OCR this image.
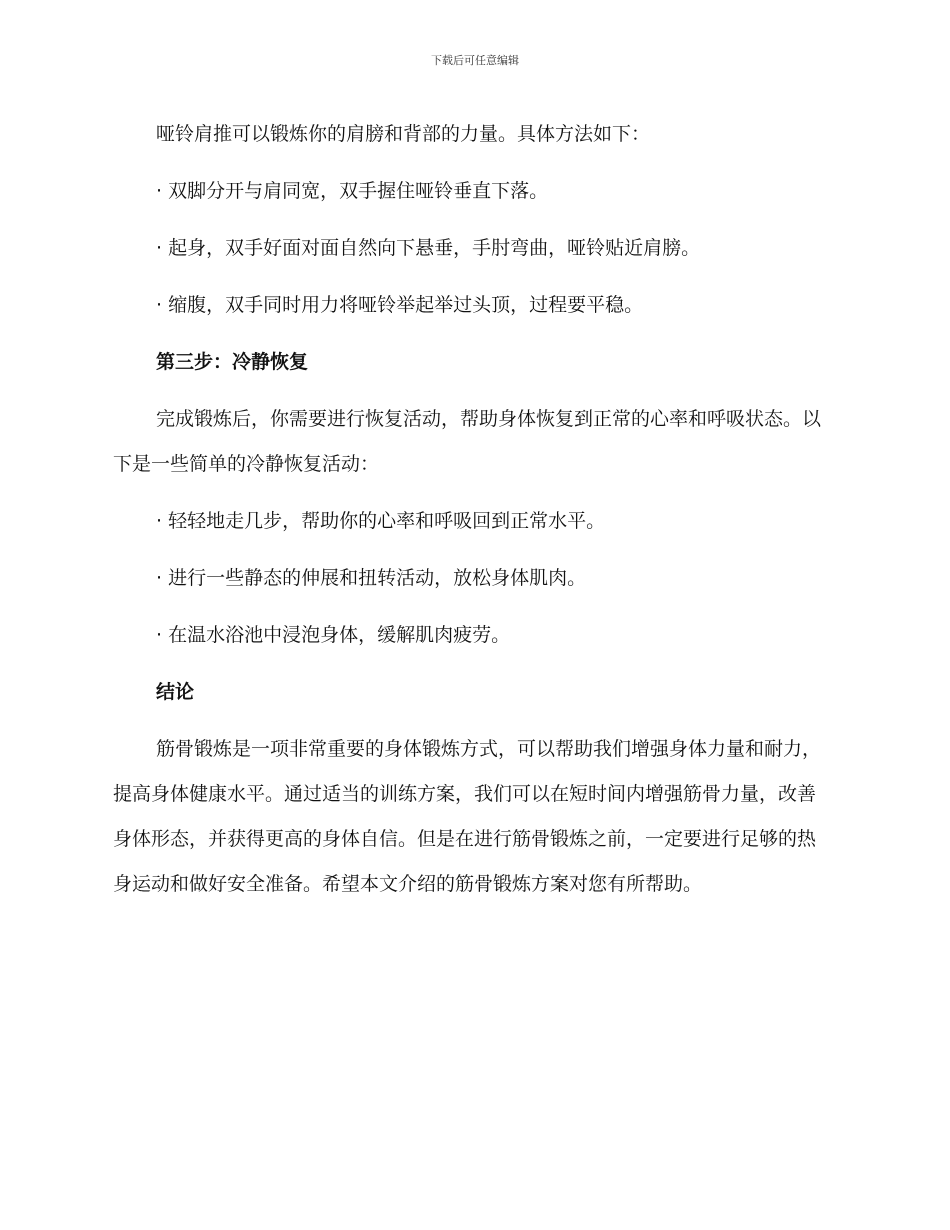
下载后可任意编辑

哑铃肩推可以锻炼你的肩膀和背部的力量。具体方法如下：

· 双脚分开与肩同宽，双手握住哑铃垂直下落。

· 起身，双手好面对面自然向下悬垂，手肘弯曲，哑铃贴近肩膀。

· 缩腹，双手同时用力将哑铃举起举过头顶，过程要平稳。

第三步：冷静恢复

完成锻炼后，你需要进行恢复活动，帮助身体恢复到正常的心率和呼吸状态。以下是一些简单的冷静恢复活动：

· 轻轻地走几步，帮助你的心率和呼吸回到正常水平。

· 进行一些静态的伸展和扭转活动，放松身体肌肉。

· 在温水浴池中浸泡身体，缓解肌肉疲劳。

结论

筋骨锻炼是一项非常重要的身体锻炼方式，可以帮助我们增强身体力量和耐力，提高身体健康水平。通过适当的训练方案，我们可以在短时间内增强筋骨力量，改善身体形态，并获得更高的身体自信。但是在进行筋骨锻炼之前，一定要进行足够的热身运动和做好安全准备。希望本文介绍的筋骨锻炼方案对您有所帮助。
